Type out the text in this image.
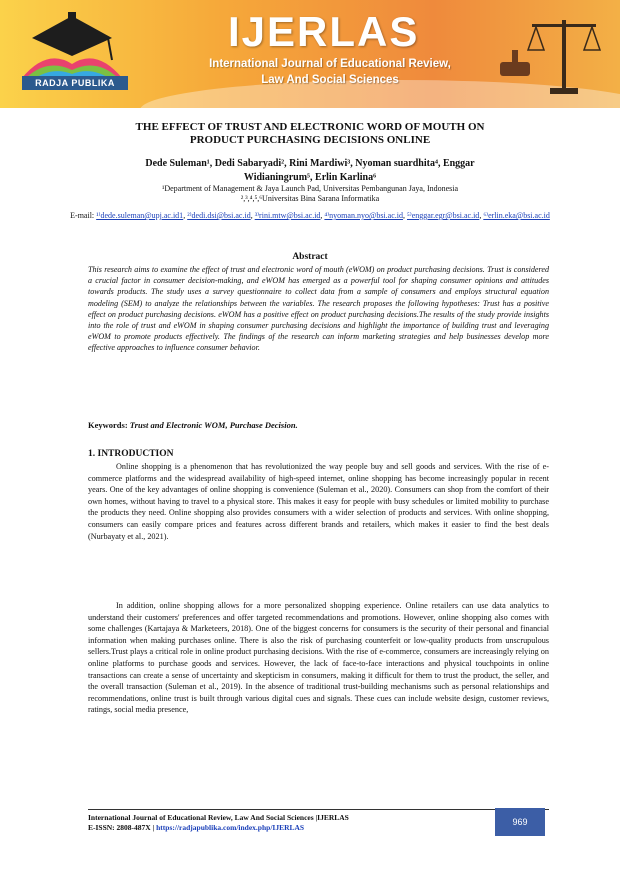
RADJA PUBLIKA
IJERLAS
International Journal of Educational Review,
Law And Social Sciences
THE EFFECT OF TRUST AND ELECTRONIC WORD OF MOUTH ON
PRODUCT PURCHASING DECISIONS ONLINE
Dede Suleman¹, Dedi Sabaryadi², Rini Mardiwi³, Nyoman suardhita⁴, Enggar
Widianingrum⁵, Erlin Karlina⁶
¹Department of Management & Jaya Launch Pad, Universitas Pembangunan Jaya, Indonesia
²,³,⁴,⁵,⁶Universitas Bina Sarana Informatika
E-mail: ¹⁾dede.suleman@upj.ac.id1, ²⁾dedi.dsi@bsi.ac.id, ³⁾rini.mtw@bsi.ac.id, ⁴⁾nyoman.nyo@bsi.ac.id, ⁵⁾enggar.egr@bsi.ac.id, ⁶⁾erlin.eka@bsi.ac.id
Abstract
This research aims to examine the effect of trust and electronic word of mouth (eWOM) on product purchasing decisions. Trust is considered a crucial factor in consumer decision-making, and eWOM has emerged as a powerful tool for shaping consumer opinions and attitudes towards products. The study uses a survey questionnaire to collect data from a sample of consumers and employs structural equation modeling (SEM) to analyze the relationships between the variables. The research proposes the following hypotheses: Trust has a positive effect on product purchasing decisions. eWOM has a positive effect on product purchasing decisions.The results of the study provide insights into the role of trust and eWOM in shaping consumer purchasing decisions and highlight the importance of building trust and leveraging eWOM to promote products effectively. The findings of the research can inform marketing strategies and help businesses develop more effective approaches to influence consumer behavior.
Keywords: Trust and Electronic WOM, Purchase Decision.
1. INTRODUCTION

Online shopping is a phenomenon that has revolutionized the way people buy and sell goods and services. With the rise of e-commerce platforms and the widespread availability of high-speed internet, online shopping has become increasingly popular in recent years. One of the key advantages of online shopping is convenience (Suleman et al., 2020). Consumers can shop from the comfort of their own homes, without having to travel to a physical store. This makes it easy for people with busy schedules or limited mobility to purchase the products they need. Online shopping also provides consumers with a wider selection of products and services. With online shopping, consumers can easily compare prices and features across different brands and retailers, which makes it easier to find the best deals (Nurbayaty et al., 2021).

In addition, online shopping allows for a more personalized shopping experience. Online retailers can use data analytics to understand their customers' preferences and offer targeted recommendations and promotions. However, online shopping also comes with some challenges (Kartajaya & Marketeers, 2018). One of the biggest concerns for consumers is the security of their personal and financial information when making purchases online. There is also the risk of purchasing counterfeit or low-quality products from unscrupulous sellers.Trust plays a critical role in online product purchasing decisions. With the rise of e-commerce, consumers are increasingly relying on online platforms to purchase goods and services. However, the lack of face-to-face interactions and physical touchpoints in online transactions can create a sense of uncertainty and skepticism in consumers, making it difficult for them to trust the product, the seller, and the overall transaction (Suleman et al., 2019). In the absence of traditional trust-building mechanisms such as personal relationships and recommendations, online trust is built through various digital cues and signals. These cues can include website design, customer reviews, ratings, social media presence,

International Journal of Educational Review, Law And Social Sciences |IJERLAS
E-ISSN: 2808-487X | https://radjapublika.com/index.php/IJERLAS
969
